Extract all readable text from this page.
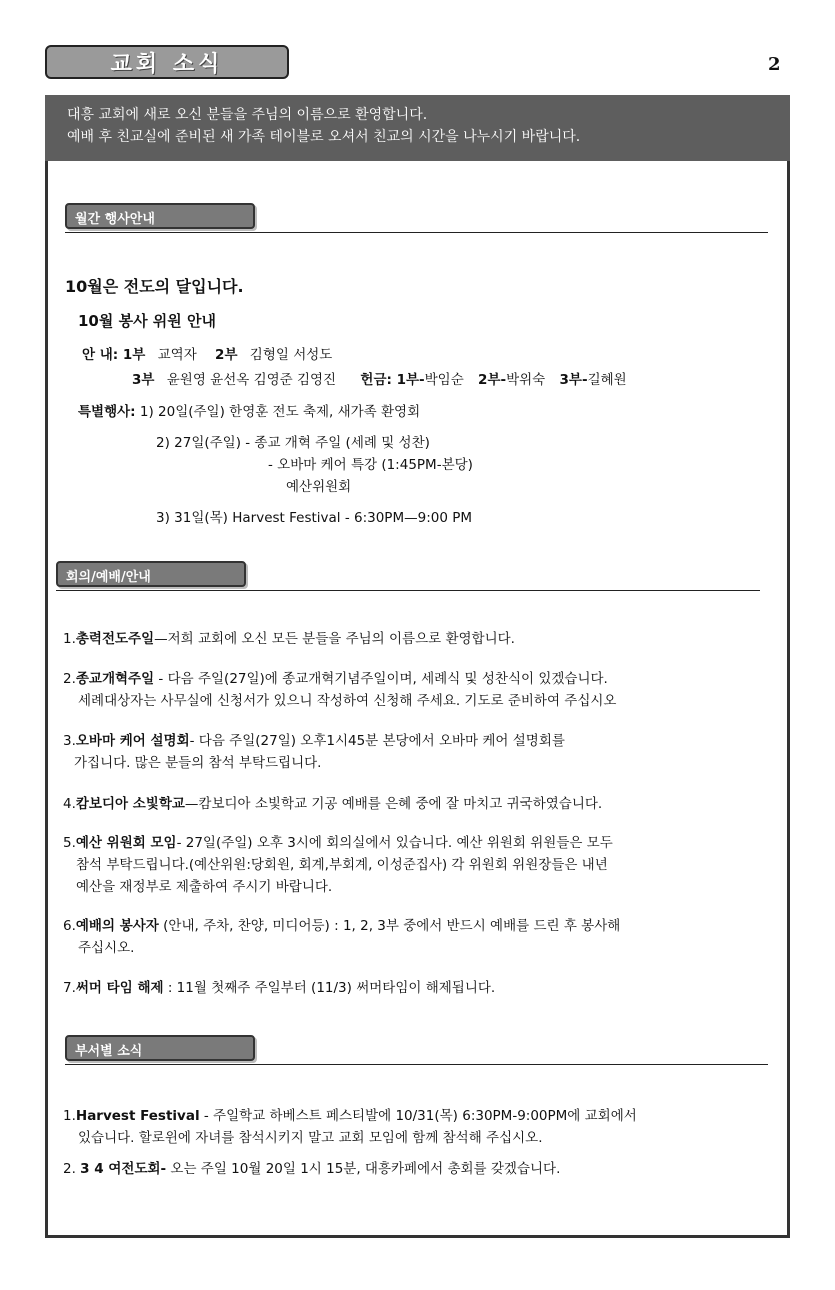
교회 소식	2
대흥 교회에 새로 오신 분들을 주님의 이름으로 환영합니다.
예배 후 친교실에 준비된 새 가족 테이블로 오셔서 친교의 시간을 나누시기 바랍니다.
월간 행사안내
10월은 전도의 달입니다.
10월 봉사 위원 안내
안 내: 1부 교역자 2부 김형일 서성도
3부 윤원영 윤선옥 김영준 김영진 헌금: 1부-박임순 2부-박위숙 3부-길혜원
특별행사: 1) 20일(주일) 한영훈 전도 축제, 새가족 환영회
2) 27일(주일) - 종교 개혁 주일 (세례 및 성찬)
- 오바마 케어 특강 (1:45PM-본당)
예산위원회
3) 31일(목) Harvest Festival - 6:30PM—9:00 PM
회의/예배/안내
1.총력전도주일—저희 교회에 오신 모든 분들을 주님의 이름으로 환영합니다.
2.종교개혁주일 - 다음 주일(27일)에 종교개혁기념주일이며, 세례식 및 성찬식이 있겠습니다.
세례대상자는 사무실에 신청서가 있으니 작성하여 신청해 주세요. 기도로 준비하여 주십시오
3.오바마 케어 설명회- 다음 주일(27일) 오후1시45분 본당에서 오바마 케어 설명회를
가집니다. 많은 분들의 참석 부탁드립니다.
4.캄보디아 소빛학교—캄보디아 소빛학교 기공 예배를 은혜 중에 잘 마치고 귀국하였습니다.
5.예산 위원회 모임- 27일(주일) 오후 3시에 회의실에서 있습니다. 예산 위원회 위원들은 모두
참석 부탁드립니다.(예산위원:당회원, 회계,부회계, 이성준집사) 각 위원회 위원장들은 내년
예산을 재정부로 제출하여 주시기 바랍니다.
6.예배의 봉사자 (안내, 주차, 찬양, 미디어등) : 1, 2, 3부 중에서 반드시 예배를 드린 후 봉사해
주십시오.
7.써머 타임 해제 : 11월 첫째주 주일부터 (11/3) 써머타임이 해제됩니다.
부서별 소식
1.Harvest Festival - 주일학교 하베스트 페스티발에 10/31(목) 6:30PM-9:00PM에 교회에서
있습니다. 할로윈에 자녀를 참석시키지 말고 교회 모임에 함께 참석해 주십시오.
2. 3 4 여전도회- 오는 주일 10월 20일 1시 15분, 대흥카페에서 총회를 갖겠습니다.
